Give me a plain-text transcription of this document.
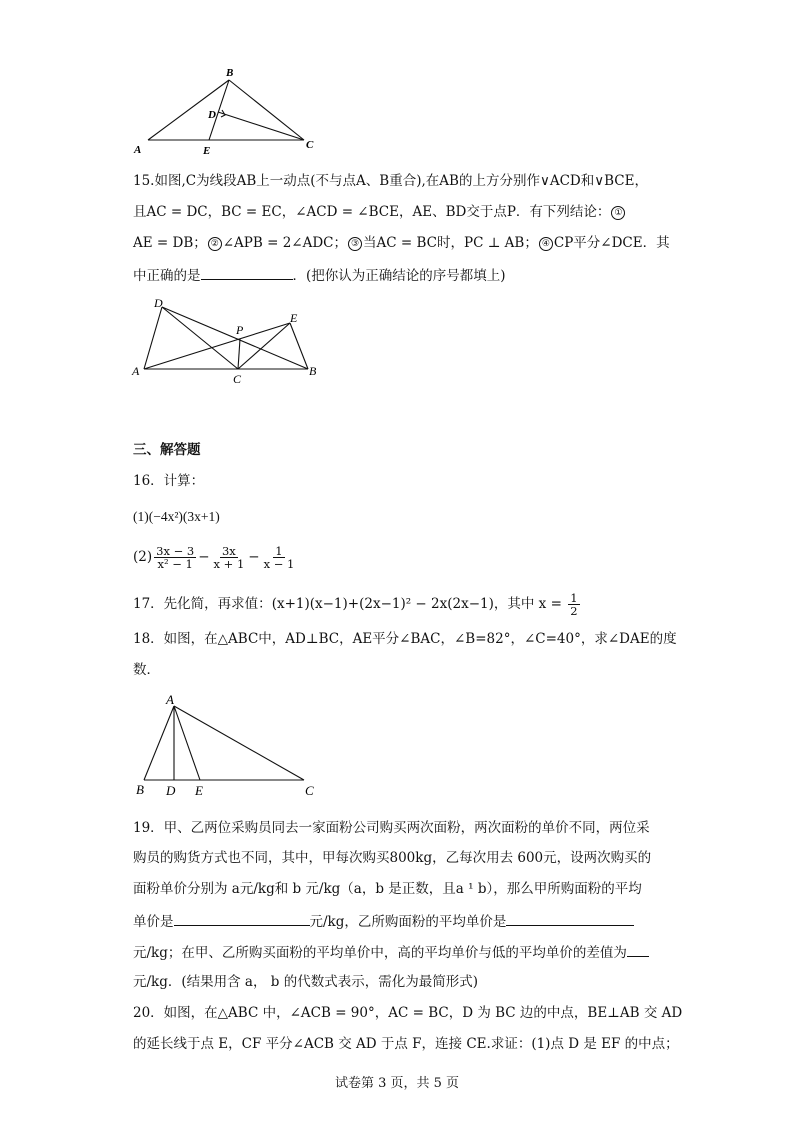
B
D
A	E	C
15.如图,C为线段AB上一动点(不与点A、B重合),在AB的上方分别作∨ACD和∨BCE，
且AC = DC，BC = EC，∠ACD = ∠BCE，AE、BD交于点P．有下列结论： ①
AE = DB； ② ∠APB = 2∠ADC； ③ 当AC = BC时，PC ⊥ AB； ④ CP平分∠DCE．其
中正确的是	．(把你认为正确结论的序号都填上)
D
E
P
A
C
B
三、解答题
16．计算：
(1)(−4x²)(3x+1)
$(2) \frac{3x - 3}{\text{x² − 1}} - \frac{3x}{x + 1} - \frac{1}{x - 1}$
17．先化简，再求值：(x+1)(x−1)+(2x−1)² − 2x(2x−1)，其中 $x = \frac{1}{2}$
18．如图，在△ABC中，AD⊥BC，AE平分∠BAC，∠B=82°，∠C=40°，求∠DAE的度
数．
A
B D E	C
19．甲、乙两位采购员同去一家面粉公司购买两次面粉，两次面粉的单价不同，两位采
购员的购货方式也不同，其中，甲每次购买800kg，乙每次用去 600元，设两次购买的
面粉单价分别为 a元/kg和 b 元/kg（a，b 是正数，且a ¹ b），那么甲所购面粉的平均
单价是	元/kg，乙所购面粉的平均单价是
元/kg；在甲、乙所购买面粉的平均单价中，高的平均单价与低的平均单价的差值为
元/kg．(结果用含 a， b 的代数式表示，需化为最简形式)
20．如图，在△ABC 中，∠ACB = 90°，AC = BC，D 为 BC 边的中点，BE⊥AB 交 AD
的延长线于点 E，CF 平分∠ACB 交 AD 于点 F，连接 CE.求证：(1)点 D 是 EF 的中点；
试卷第 3 页，共 5 页
